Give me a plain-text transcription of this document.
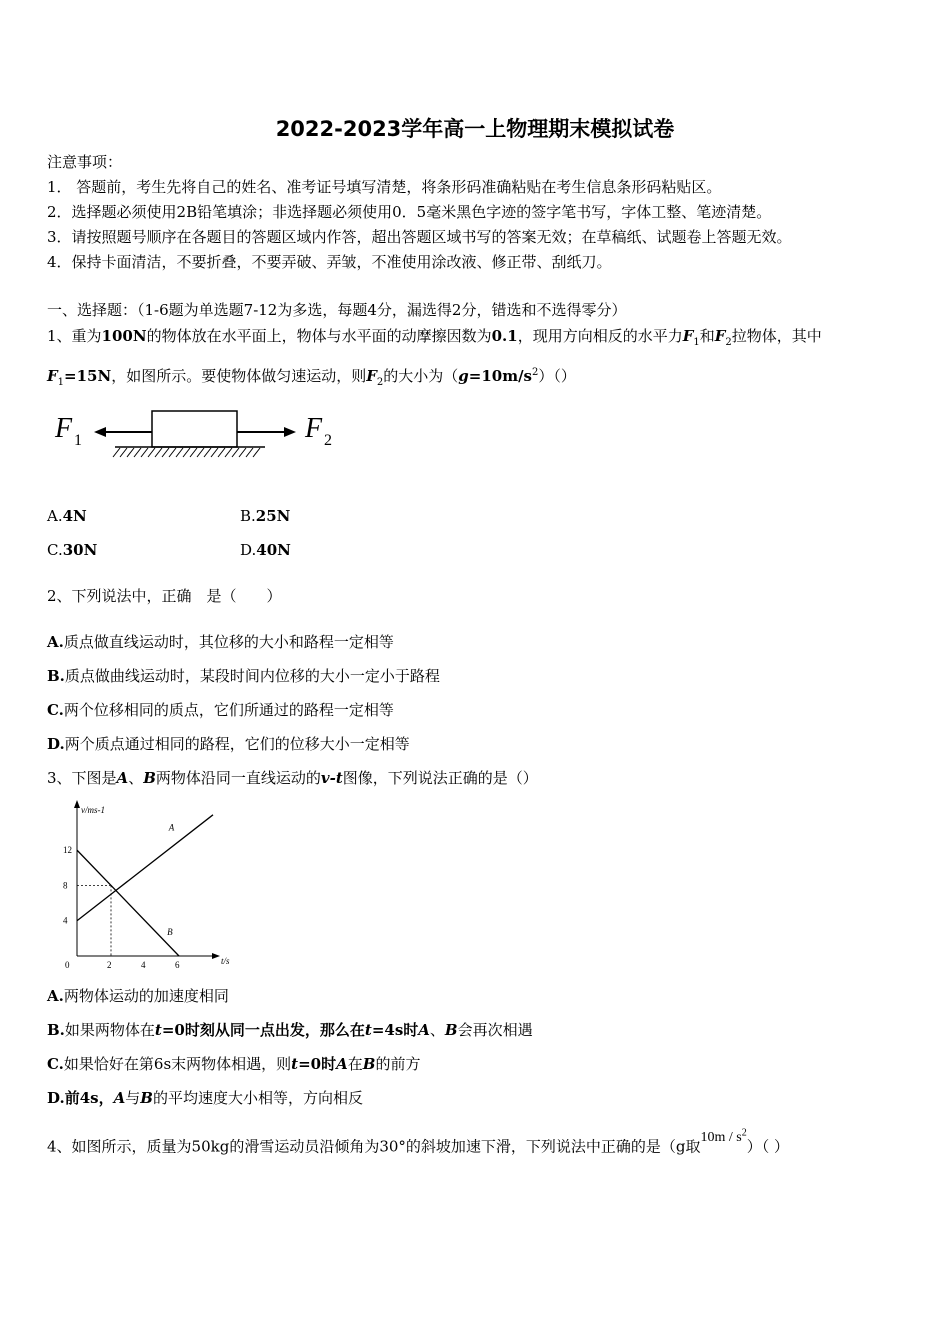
2022-2023学年高一上物理期末模拟试卷
注意事项：
1． 答题前，考生先将自己的姓名、准考证号填写清楚，将条形码准确粘贴在考生信息条形码粘贴区。
2．选择题必须使用2B铅笔填涂；非选择题必须使用0．5毫米黑色字迹的签字笔书写，字体工整、笔迹清楚。
3．请按照题号顺序在各题目的答题区域内作答，超出答题区域书写的答案无效；在草稿纸、试题卷上答题无效。
4．保持卡面清洁，不要折叠，不要弄破、弄皱，不准使用涂改液、修正带、刮纸刀。
一、选择题：（1-6题为单选题7-12为多选，每题4分，漏选得2分，错选和不选得零分）
1、重为100N的物体放在水平面上，物体与水平面的动摩擦因数为0.1，现用方向相反的水平力$F_1$和$F_2$拉物体，其中
$F_1=15N$，如图所示。要使物体做匀速运动，则$F_2$的大小为$(g=10m/s^2)()$
F 1	F 2
A.4N	B.25N
C.30N	D.40N
2、下列说法中，正确　是（　　）
A.质点做直线运动时，其位移的大小和路程一定相等
B.质点做曲线运动时，某段时间内位移的大小一定小于路程
C.两个位移相同的质点，它们所通过的路程一定相等
D.两个质点通过相同的路程，它们的位移大小一定相等
3、下图是A、B两物体沿同一直线运动的v-t图像，下列说法正确的是（）
v/ms-1
t/s
0	2	4	6
4
8
12
A
B
A.两物体运动的加速度相同
B.如果两物体在t=0时刻从同一点出发，那么在t=4s时A、B会再次相遇
C.如果恰好在第6s末两物体相遇，则t=0时A在B的前方
D.前4s，A与B的平均速度大小相等，方向相反
4、如图所示，质量为50kg的滑雪运动员沿倾角为30°的斜坡加速下滑，下列说法中正确的是（g取$10m / s^2$）（ ）
